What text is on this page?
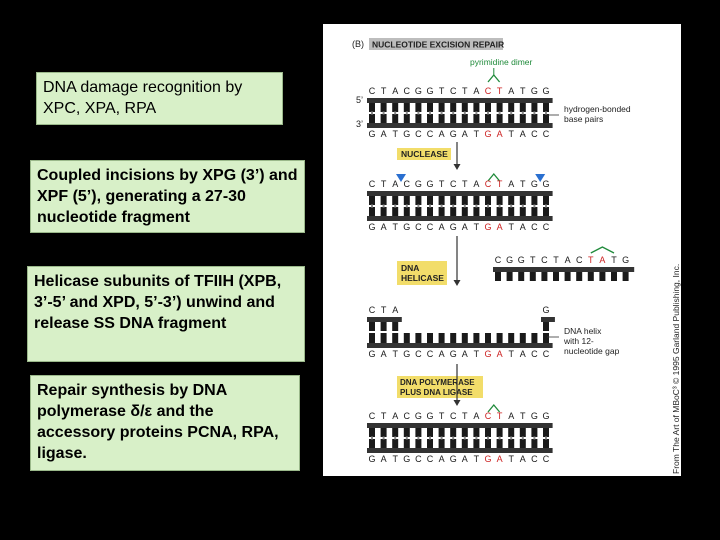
DNA damage recognition by XPC, XPA, RPA
Coupled incisions by XPG (3’) and XPF (5’), generating a 27-30 nucleotide fragment
Helicase subunits of TFIIH (XPB, 3’-5’ and XPD, 5’-3’) unwind and release SS DNA fragment
Repair synthesis by DNA polymerase δ/ε and the accessory proteins PCNA, RPA, ligase.
(B) NUCLEOTIDE EXCISION REPAIR
pyrimidine dimer
5’
3’
hydrogen-bonded
base pairs
NUCLEASE
DNA
HELICASE
DNA helix
with 12-
nucleotide gap
DNA POLYMERASE
PLUS DNA LIGASE	From The Art of MBoC³ © 1995 Garland Publishing, Inc.
C T A C G G T C T A C T A T G G
G A T G C C A G A T G A T A C C
C T A C G G T C T A C T A T G G
G A T G C C A G A T G A T A C C
C G G T C T A C T A T G
C T A	G
G A T G C C A G A T G A T A C C
C T A C G G T C T A C T A T G G
G A T G C C A G A T G A T A C C
